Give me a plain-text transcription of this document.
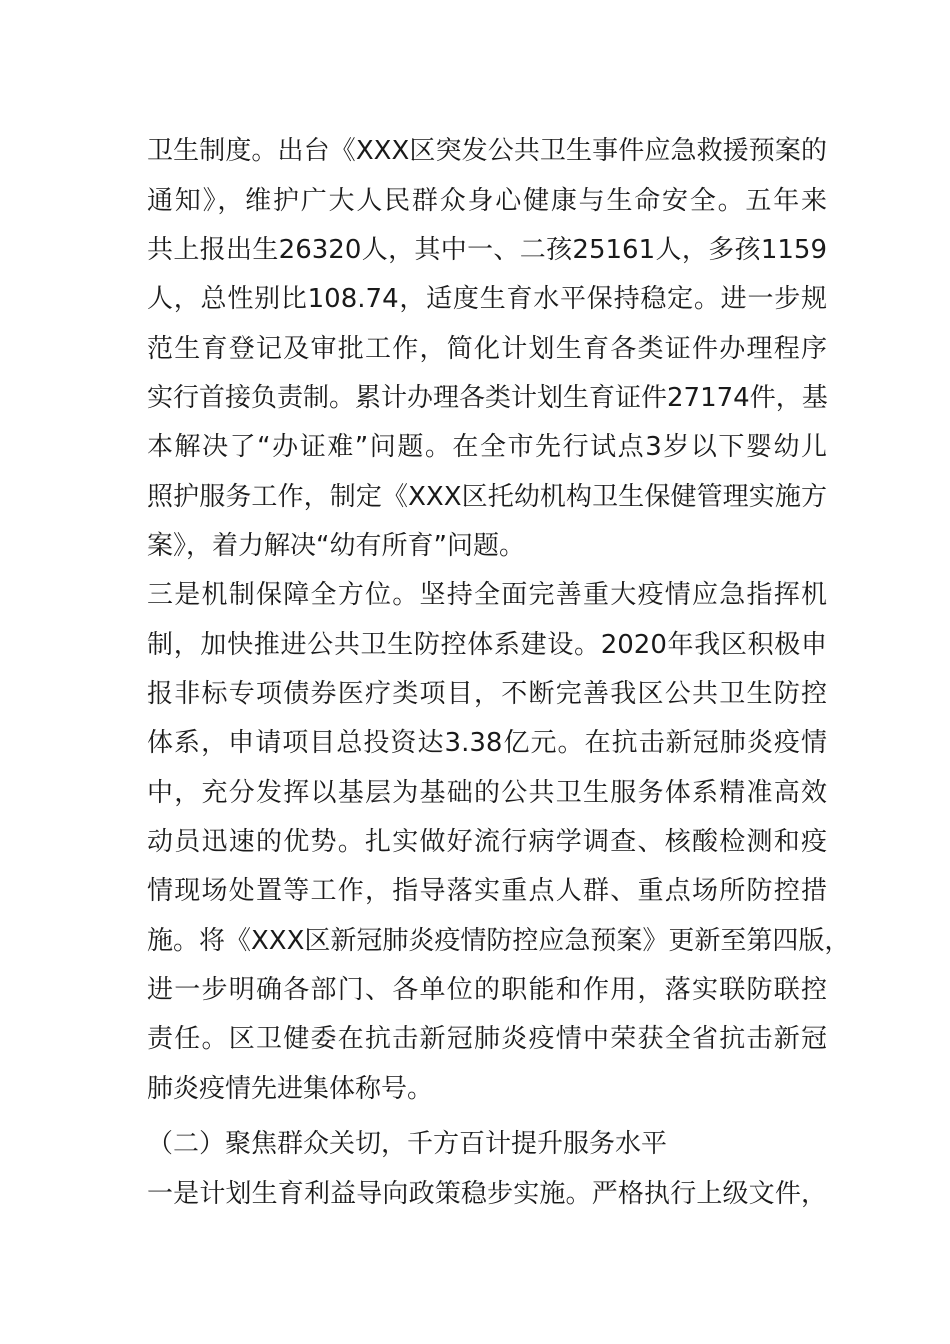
卫生制度。出台《XXX区突发公共卫生事件应急救援预案的
通知》，维护广大人民群众身心健康与生命安全。五年来
共上报出生26320人，其中一、二孩25161人，多孩1159
人，总性别比108.74，适度生育水平保持稳定。进一步规
范生育登记及审批工作，简化计划生育各类证件办理程序
实行首接负责制。累计办理各类计划生育证件27174件，基
本解决了“办证难”问题。在全市先行试点3岁以下婴幼儿
照护服务工作，制定《XXX区托幼机构卫生保健管理实施方
案》，着力解决“幼有所育”问题。
三是机制保障全方位。坚持全面完善重大疫情应急指挥机
制，加快推进公共卫生防控体系建设。2020年我区积极申
报非标专项债券医疗类项目，不断完善我区公共卫生防控
体系，申请项目总投资达3.38亿元。在抗击新冠肺炎疫情
中，充分发挥以基层为基础的公共卫生服务体系精准高效
动员迅速的优势。扎实做好流行病学调查、核酸检测和疫
情现场处置等工作，指导落实重点人群、重点场所防控措
施。将《XXX区新冠肺炎疫情防控应急预案》更新至第四版，
进一步明确各部门、各单位的职能和作用，落实联防联控
责任。区卫健委在抗击新冠肺炎疫情中荣获全省抗击新冠
肺炎疫情先进集体称号。
（二）聚焦群众关切，千方百计提升服务水平
一是计划生育利益导向政策稳步实施。严格执行上级文件，
